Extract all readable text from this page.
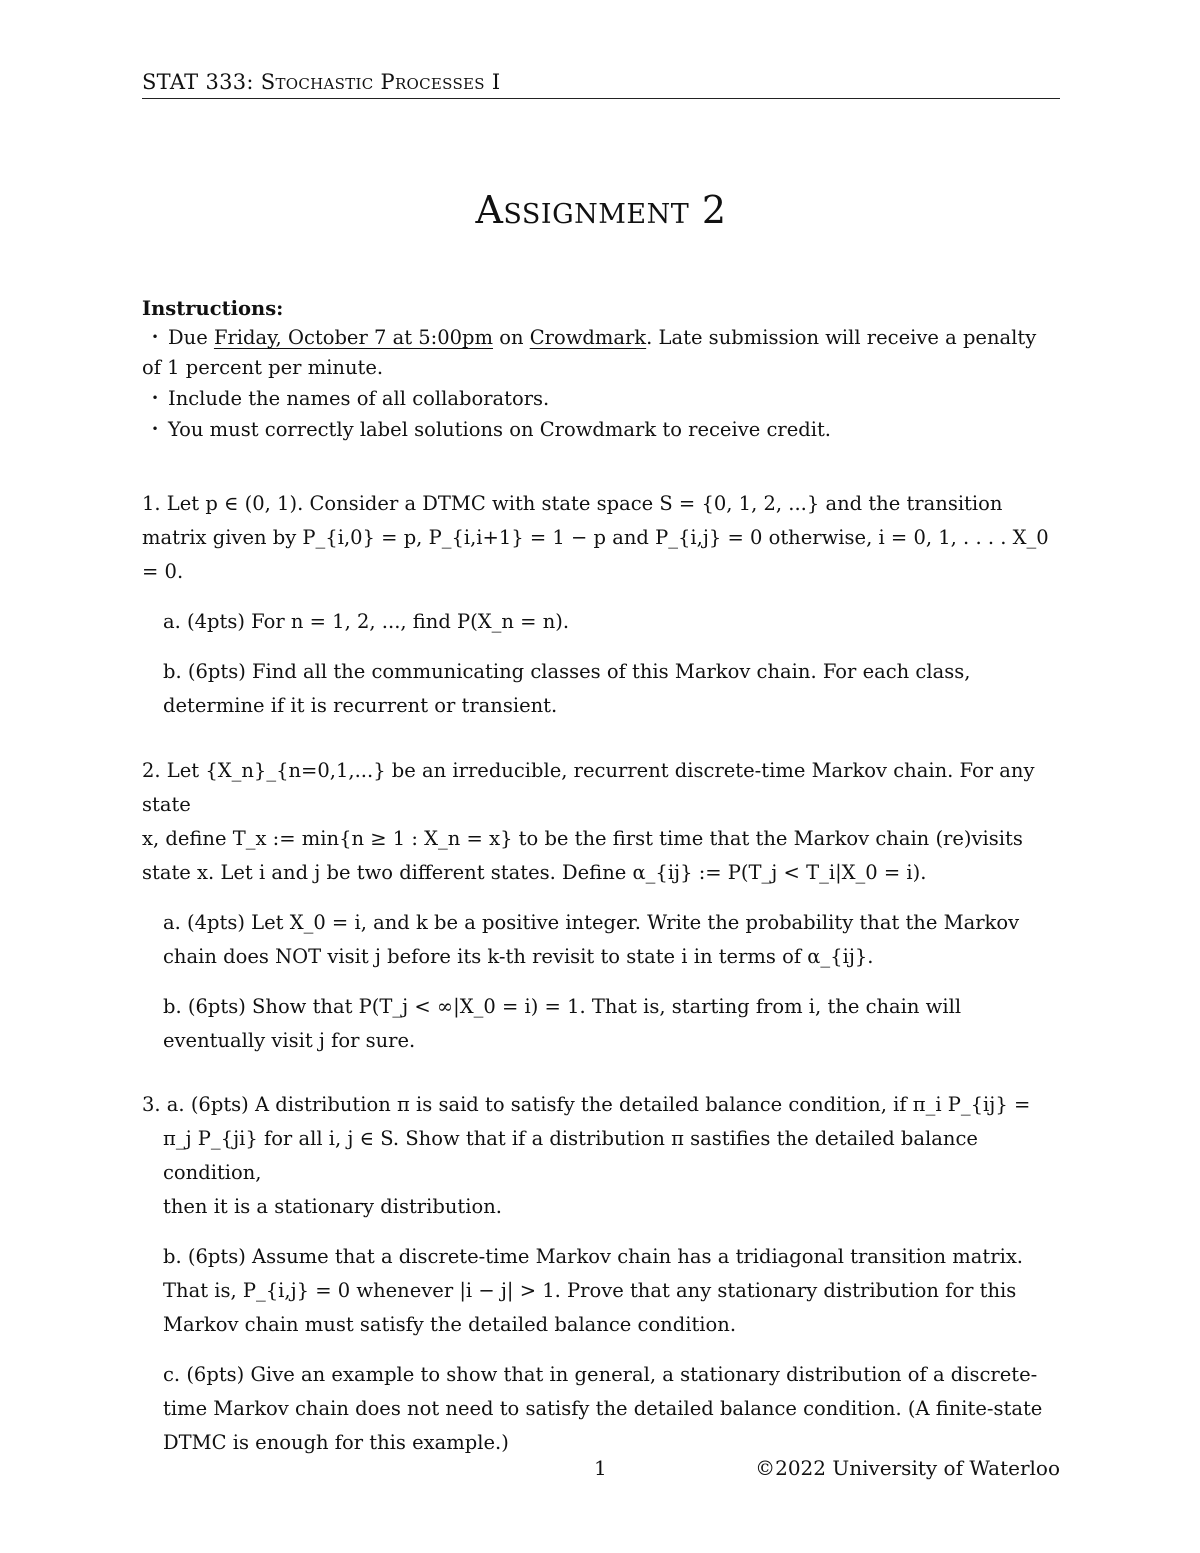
STAT 333: Stochastic Processes I
Assignment 2
Instructions:
• Due Friday, October 7 at 5:00pm on Crowdmark. Late submission will receive a penalty
of 1 percent per minute.
• Include the names of all collaborators.
• You must correctly label solutions on Crowdmark to receive credit.
1. Let p ∈ (0, 1). Consider a DTMC with state space S = {0, 1, 2, ...} and the transition
matrix given by P_{i,0} = p, P_{i,i+1} = 1 − p and P_{i,j} = 0 otherwise, i = 0, 1, . . . . X_0 = 0.
a. (4pts) For n = 1, 2, ..., find P(X_n = n).
b. (6pts) Find all the communicating classes of this Markov chain. For each class,
determine if it is recurrent or transient.
2. Let {X_n}_{n=0,1,...} be an irreducible, recurrent discrete-time Markov chain. For any state
x, define T_x := min{n ≥ 1 : X_n = x} to be the first time that the Markov chain (re)visits
state x. Let i and j be two different states. Define α_{ij} := P(T_j < T_i|X_0 = i).
a. (4pts) Let X_0 = i, and k be a positive integer. Write the probability that the Markov
chain does NOT visit j before its k-th revisit to state i in terms of α_{ij}.
b. (6pts) Show that P(T_j < ∞|X_0 = i) = 1. That is, starting from i, the chain will
eventually visit j for sure.
3. a. (6pts) A distribution π is said to satisfy the detailed balance condition, if π_i P_{ij} =
π_j P_{ji} for all i, j ∈ S. Show that if a distribution π sastifies the detailed balance condition,
then it is a stationary distribution.
b. (6pts) Assume that a discrete-time Markov chain has a tridiagonal transition matrix.
That is, P_{i,j} = 0 whenever |i − j| > 1. Prove that any stationary distribution for this
Markov chain must satisfy the detailed balance condition.
c. (6pts) Give an example to show that in general, a stationary distribution of a discrete-
time Markov chain does not need to satisfy the detailed balance condition. (A finite-state
DTMC is enough for this example.)
1	©2022 University of Waterloo
